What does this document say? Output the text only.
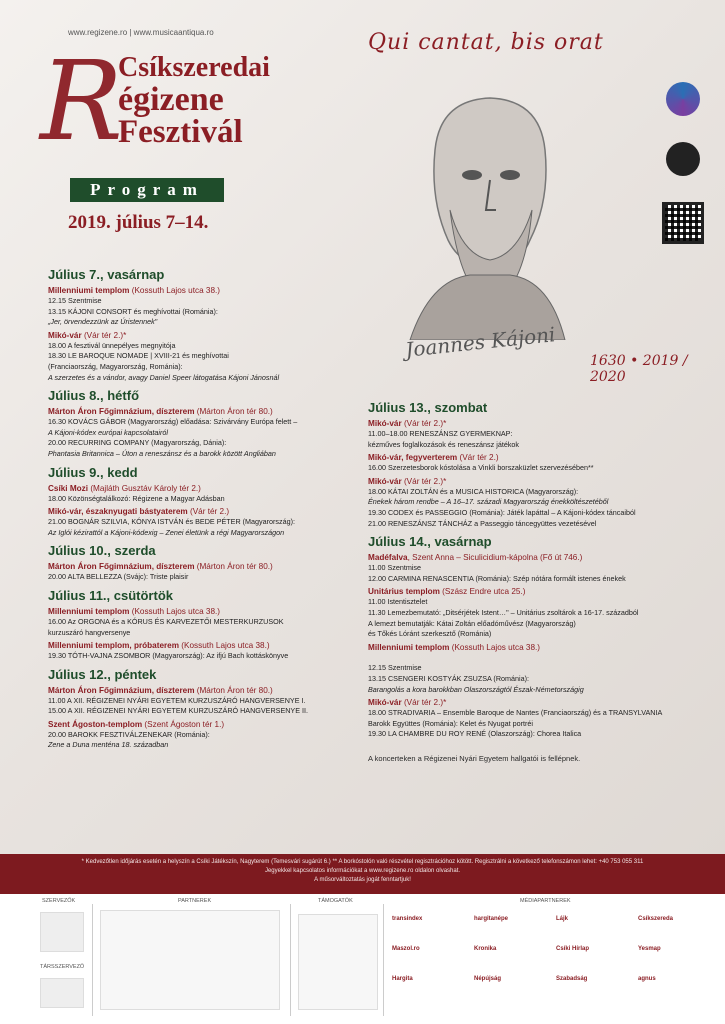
www.regizene.ro | www.musicaantiqua.ro	Qui cantat, bis orat
R
Csíkszeredai
égizene
Fesztivál
Program
2019. július 7–14.
Joannes Kájoni 1630 • 2019 / 2020
Július 7., vasárnap
Millenniumi templom (Kossuth Lajos utca 38.)
12.15 Szentmise
13.15 KÁJONI CONSORT és meghívottai (Románia):
„Jer, örvendezzünk az Úristennek"
Mikó-vár (Vár tér 2.)*
18.00 A fesztivál ünnepélyes megnyitója
18.30 LE BAROQUE NOMADE | XVIII-21 és meghívottai
(Franciaország, Magyarország, Románia):
A szerzetes és a vándor, avagy Daniel Speer látogatása Kájoni Jánosnál
Július 8., hétfő
Márton Áron Főgimnázium, díszterem (Márton Áron tér 80.)
16.30 KOVÁCS GÁBOR (Magyarország) előadása: Szivárvány Európa felett –
A Kájoni-kódex európai kapcsolatairól
20.00 RECURRING COMPANY (Magyarország, Dánia):
Phantasia Britannica – Úton a reneszánsz és a barokk között Angliában
Július 9., kedd
Csíki Mozi (Majláth Gusztáv Károly tér 2.)
18.00 Közönségtalálkozó: Régizene a Magyar Adásban
Mikó-vár, északnyugati bástyaterem (Vár tér 2.)
21.00 BOGNÁR SZILVIA, KÓNYA ISTVÁN és BEDE PÉTER (Magyarország):
Az Iglói kézirattól a Kájoni-kódexig – Zenei életünk a régi Magyarországon
Július 10., szerda
Márton Áron Főgimnázium, díszterem (Márton Áron tér 80.)
20.00 ALTA BELLEZZA (Svájc): Triste plaisir
Július 11., csütörtök
Millenniumi templom (Kossuth Lajos utca 38.)
16.00 Az ORGONA és a KÓRUS ÉS KARVEZETŐI MESTERKURZUSOK
kurzuszáró hangversenye
Millenniumi templom, próbaterem (Kossuth Lajos utca 38.)
19.30 TÓTH-VAJNA ZSOMBOR (Magyarország): Az ifjú Bach kottáskönyve
Július 12., péntek
Márton Áron Főgimnázium, díszterem (Márton Áron tér 80.)
11.00 A XII. RÉGIZENEI NYÁRI EGYETEM KURZUSZÁRÓ HANGVERSENYE I.
15.00 A XII. RÉGIZENEI NYÁRI EGYETEM KURZUSZÁRÓ HANGVERSENYE II.
Szent Ágoston-templom (Szent Ágoston tér 1.)
20.00 BAROKK FESZTIVÁLZENEKAR (Románia):
Zene a Duna menténa 18. században
Július 13., szombat
Mikó-vár (Vár tér 2.)*
11.00–18.00 RENESZÁNSZ GYERMEKNAP:
kézműves foglalkozások és reneszánsz játékok
Mikó-vár, fegyverterem (Vár tér 2.)
16.00 Szerzetesborok kóstolása a Vinkli borszaküzlet szervezésében**
Mikó-vár (Vár tér 2.)*
18.00 KÁTAI ZOLTÁN és a MUSICA HISTORICA (Magyarország):
Énekek három rendbe – A 16–17. századi Magyarország énekköltészetéből
19.30 CODEX és PASSEGGIO (Románia): Játék lapáttal – A Kájoni-kódex táncaiból
21.00 RENESZÁNSZ TÁNCHÁZ a Passeggio táncegyüttes vezetésével
Július 14., vasárnap
Madéfalva, Szent Anna – Siculicidium-kápolna (Fő út 746.)
11.00 Szentmise
12.00 CARMINA RENASCENTIA (Románia): Szép nótára formált istenes énekek
Unitárius templom (Szász Endre utca 25.)
11.00 Istentisztelet
11.30 Lemezbemutató: „Ditsérjétek Istent…" – Unitárius zsoltárok a 16-17. századból
A lemezt bemutatják: Kátai Zoltán előadóművész (Magyarország)
és Tőkés Lóránt szerkesztő (Románia)
Millenniumi templom (Kossuth Lajos utca 38.)

12.15 Szentmise
13.15 CSENGERI KOSTYÁK ZSUZSA (Románia):
Barangolás a kora barokkban Olaszországtól Észak-Németországig
Mikó-vár (Vár tér 2.)*
18.00 STRADIVARIA – Ensemble Baroque de Nantes (Franciaország) és a TRANSYLVANIA
Barokk Együttes (Románia): Kelet és Nyugat portréi
19.30 LA CHAMBRE DU ROY RENÉ (Olaszország): Chorea Italica
A koncerteken a Régizenei Nyári Egyetem hallgatói is fellépnek.
* Kedvezőtlen időjárás esetén a helyszín a Csíki Játékszín, Nagyterem (Temesvári sugárút 6.) ** A borkóstolón való részvétel regisztrációhoz kötött. Regisztrálni a következő telefonszámon lehet: +40 753 055 311
Jegyekkel kapcsolatos információkat a www.regizene.ro oldalon olvashat.
A műsorváltoztatás jogát fenntartjuk!
SZERVEZŐK	PARTNEREK	TÁMOGATÓK	MÉDIAPARTNEREK
TÁRSSZERVEZŐ
transindex	hargitanépe	Lájk	Csíkszereda
Maszol.ro	Kronika	Csíki Hírlap	Yesmap
Hargita	Népújság	Szabadság	agnus
